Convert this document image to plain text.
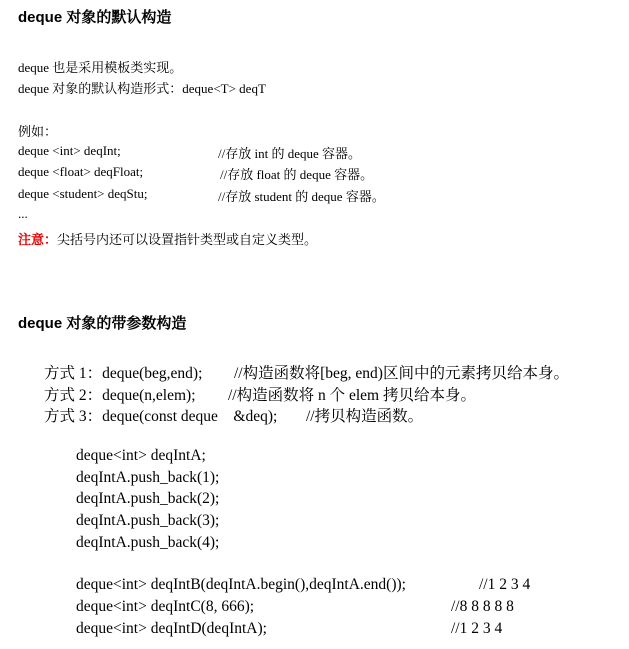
deque 对象的默认构造
deque 也是采用模板类实现。
deque 对象的默认构造形式：deque<T> deqT
例如：
deque <int> deqInt;	//存放 int 的 deque 容器。
deque <float> deqFloat;	//存放 float 的 deque 容器。
deque <student> deqStu;	//存放 student 的 deque 容器。
...
注意：尖括号内还可以设置指针类型或自定义类型。
deque 对象的带参数构造
方式 1：deque(beg,end); //构造函数将[beg, end)区间中的元素拷贝给本身。
方式 2：deque(n,elem); //构造函数将 n 个 elem 拷贝给本身。
方式 3：deque(const deque    &deq); //拷贝构造函数。
deque<int> deqIntA;
deqIntA.push_back(1);
deqIntA.push_back(2);
deqIntA.push_back(3);
deqIntA.push_back(4);
deque<int> deqIntB(deqIntA.begin(),deqIntA.end());	//1 2 3 4
deque<int> deqIntC(8, 666);	//8 8 8 8 8
deque<int> deqIntD(deqIntA);	//1 2 3 4
